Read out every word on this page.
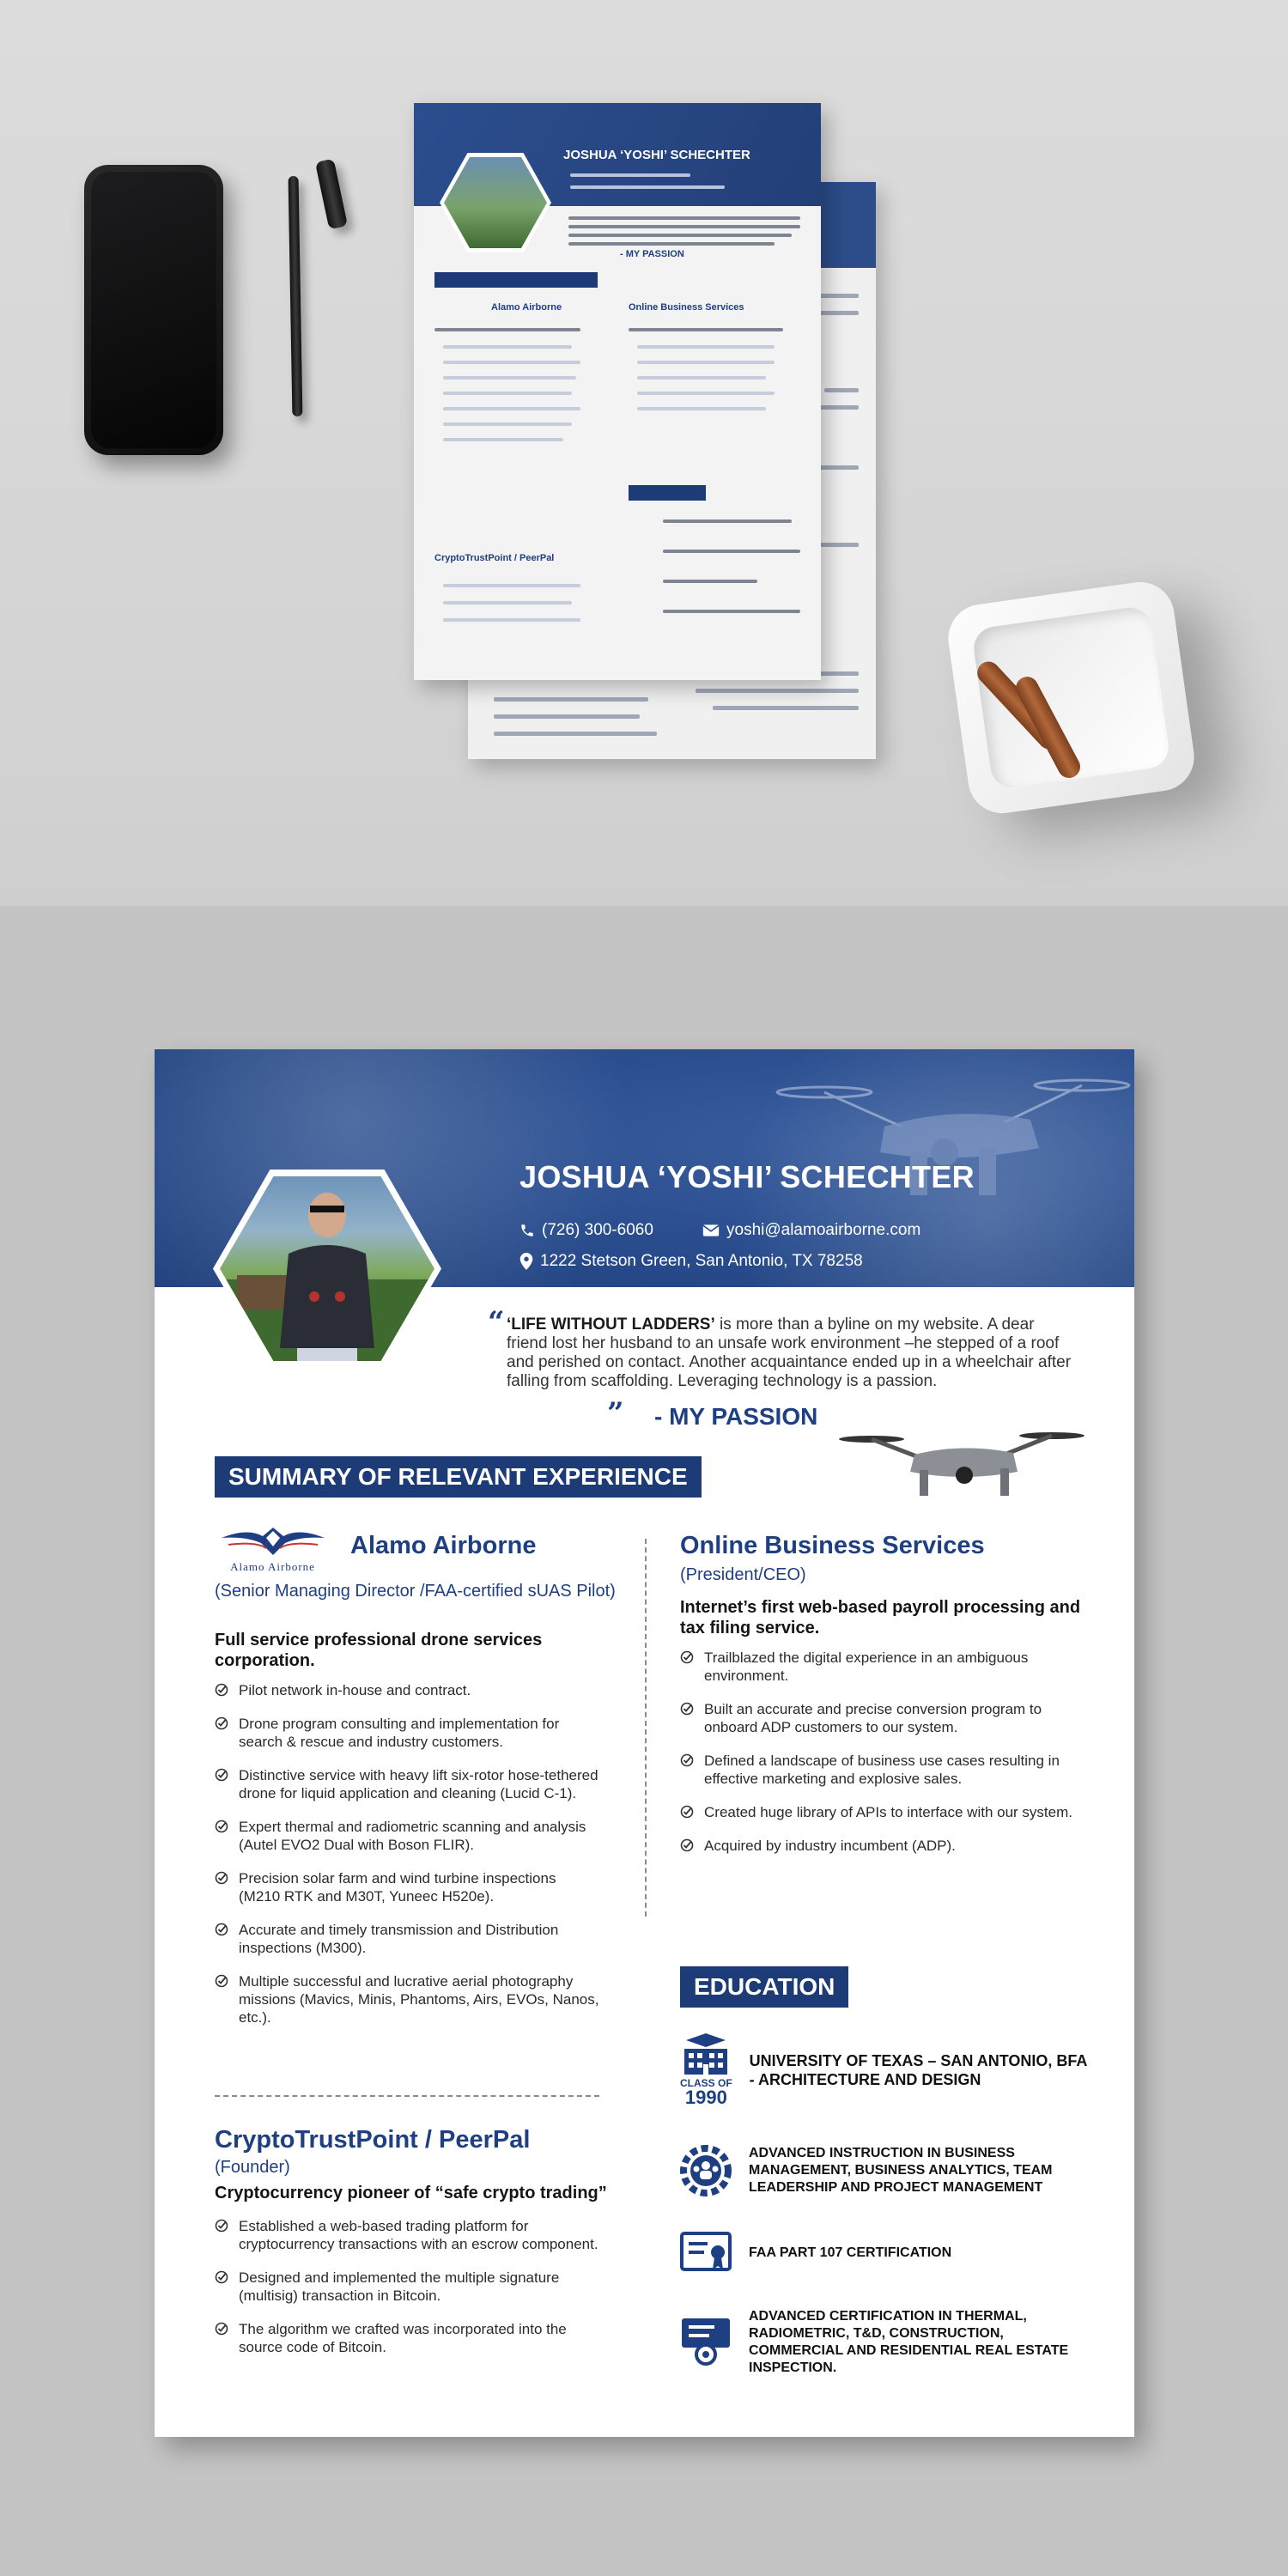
JOSHUA ‘YOSHI’ SCHECHTER
- MY PASSION
Alamo Airborne	Online Business Services
CryptoTrustPoint / PeerPal
JOSHUA ‘YOSHI’ SCHECHTER
(726) 300-6060	yoshi@alamoairborne.com
1222 Stetson Green, San Antonio, TX 78258
“ ‘LIFE WITHOUT LADDERS’ is more than a byline on my website. A dear friend lost her husband to an unsafe work environment –he stepped of a roof and perished on contact. Another acquaintance ended up in a wheelchair after falling from scaffolding. Leveraging technology is a passion.
” - MY PASSION
SUMMARY OF RELEVANT EXPERIENCE
Alamo Airborne
Alamo Airborne
(Senior Managing Director /FAA-certified sUAS Pilot)
Full service professional drone services corporation.
Pilot network in-house and contract.
Drone program consulting and implementation for search & rescue and industry customers.
Distinctive service with heavy lift six-rotor hose-tethered drone for liquid application and cleaning (Lucid C-1).
Expert thermal and radiometric scanning and analysis (Autel EVO2 Dual with Boson FLIR).
Precision solar farm and wind turbine inspections (M210 RTK and M30T, Yuneec H520e).
Accurate and timely transmission and Distribution inspections (M300).
Multiple successful and lucrative aerial photography missions (Mavics, Minis, Phantoms, Airs, EVOs, Nanos, etc.).
CryptoTrustPoint / PeerPal
(Founder)
Cryptocurrency pioneer of “safe crypto trading”
Established a web-based trading platform for cryptocurrency transactions with an escrow component.
Designed and implemented the multiple signature (multisig) transaction in Bitcoin.
The algorithm we crafted was incorporated into the source code of Bitcoin.
Online Business Services
(President/CEO)
Internet’s first web-based payroll processing and tax filing service.
Trailblazed the digital experience in an ambiguous environment.
Built an accurate and precise conversion program to onboard ADP customers to our system.
Defined a landscape of business use cases resulting in effective marketing and explosive sales.
Created huge library of APIs to interface with our system.
Acquired by industry incumbent (ADP).
EDUCATION
CLASS OF
1990
UNIVERSITY OF TEXAS – SAN ANTONIO, BFA - ARCHITECTURE AND DESIGN
ADVANCED INSTRUCTION IN BUSINESS MANAGEMENT, BUSINESS ANALYTICS, TEAM LEADERSHIP AND PROJECT MANAGEMENT
FAA PART 107 CERTIFICATION
ADVANCED CERTIFICATION IN THERMAL, RADIOMETRIC, T&D, CONSTRUCTION, COMMERCIAL AND RESIDENTIAL REAL ESTATE INSPECTION.
